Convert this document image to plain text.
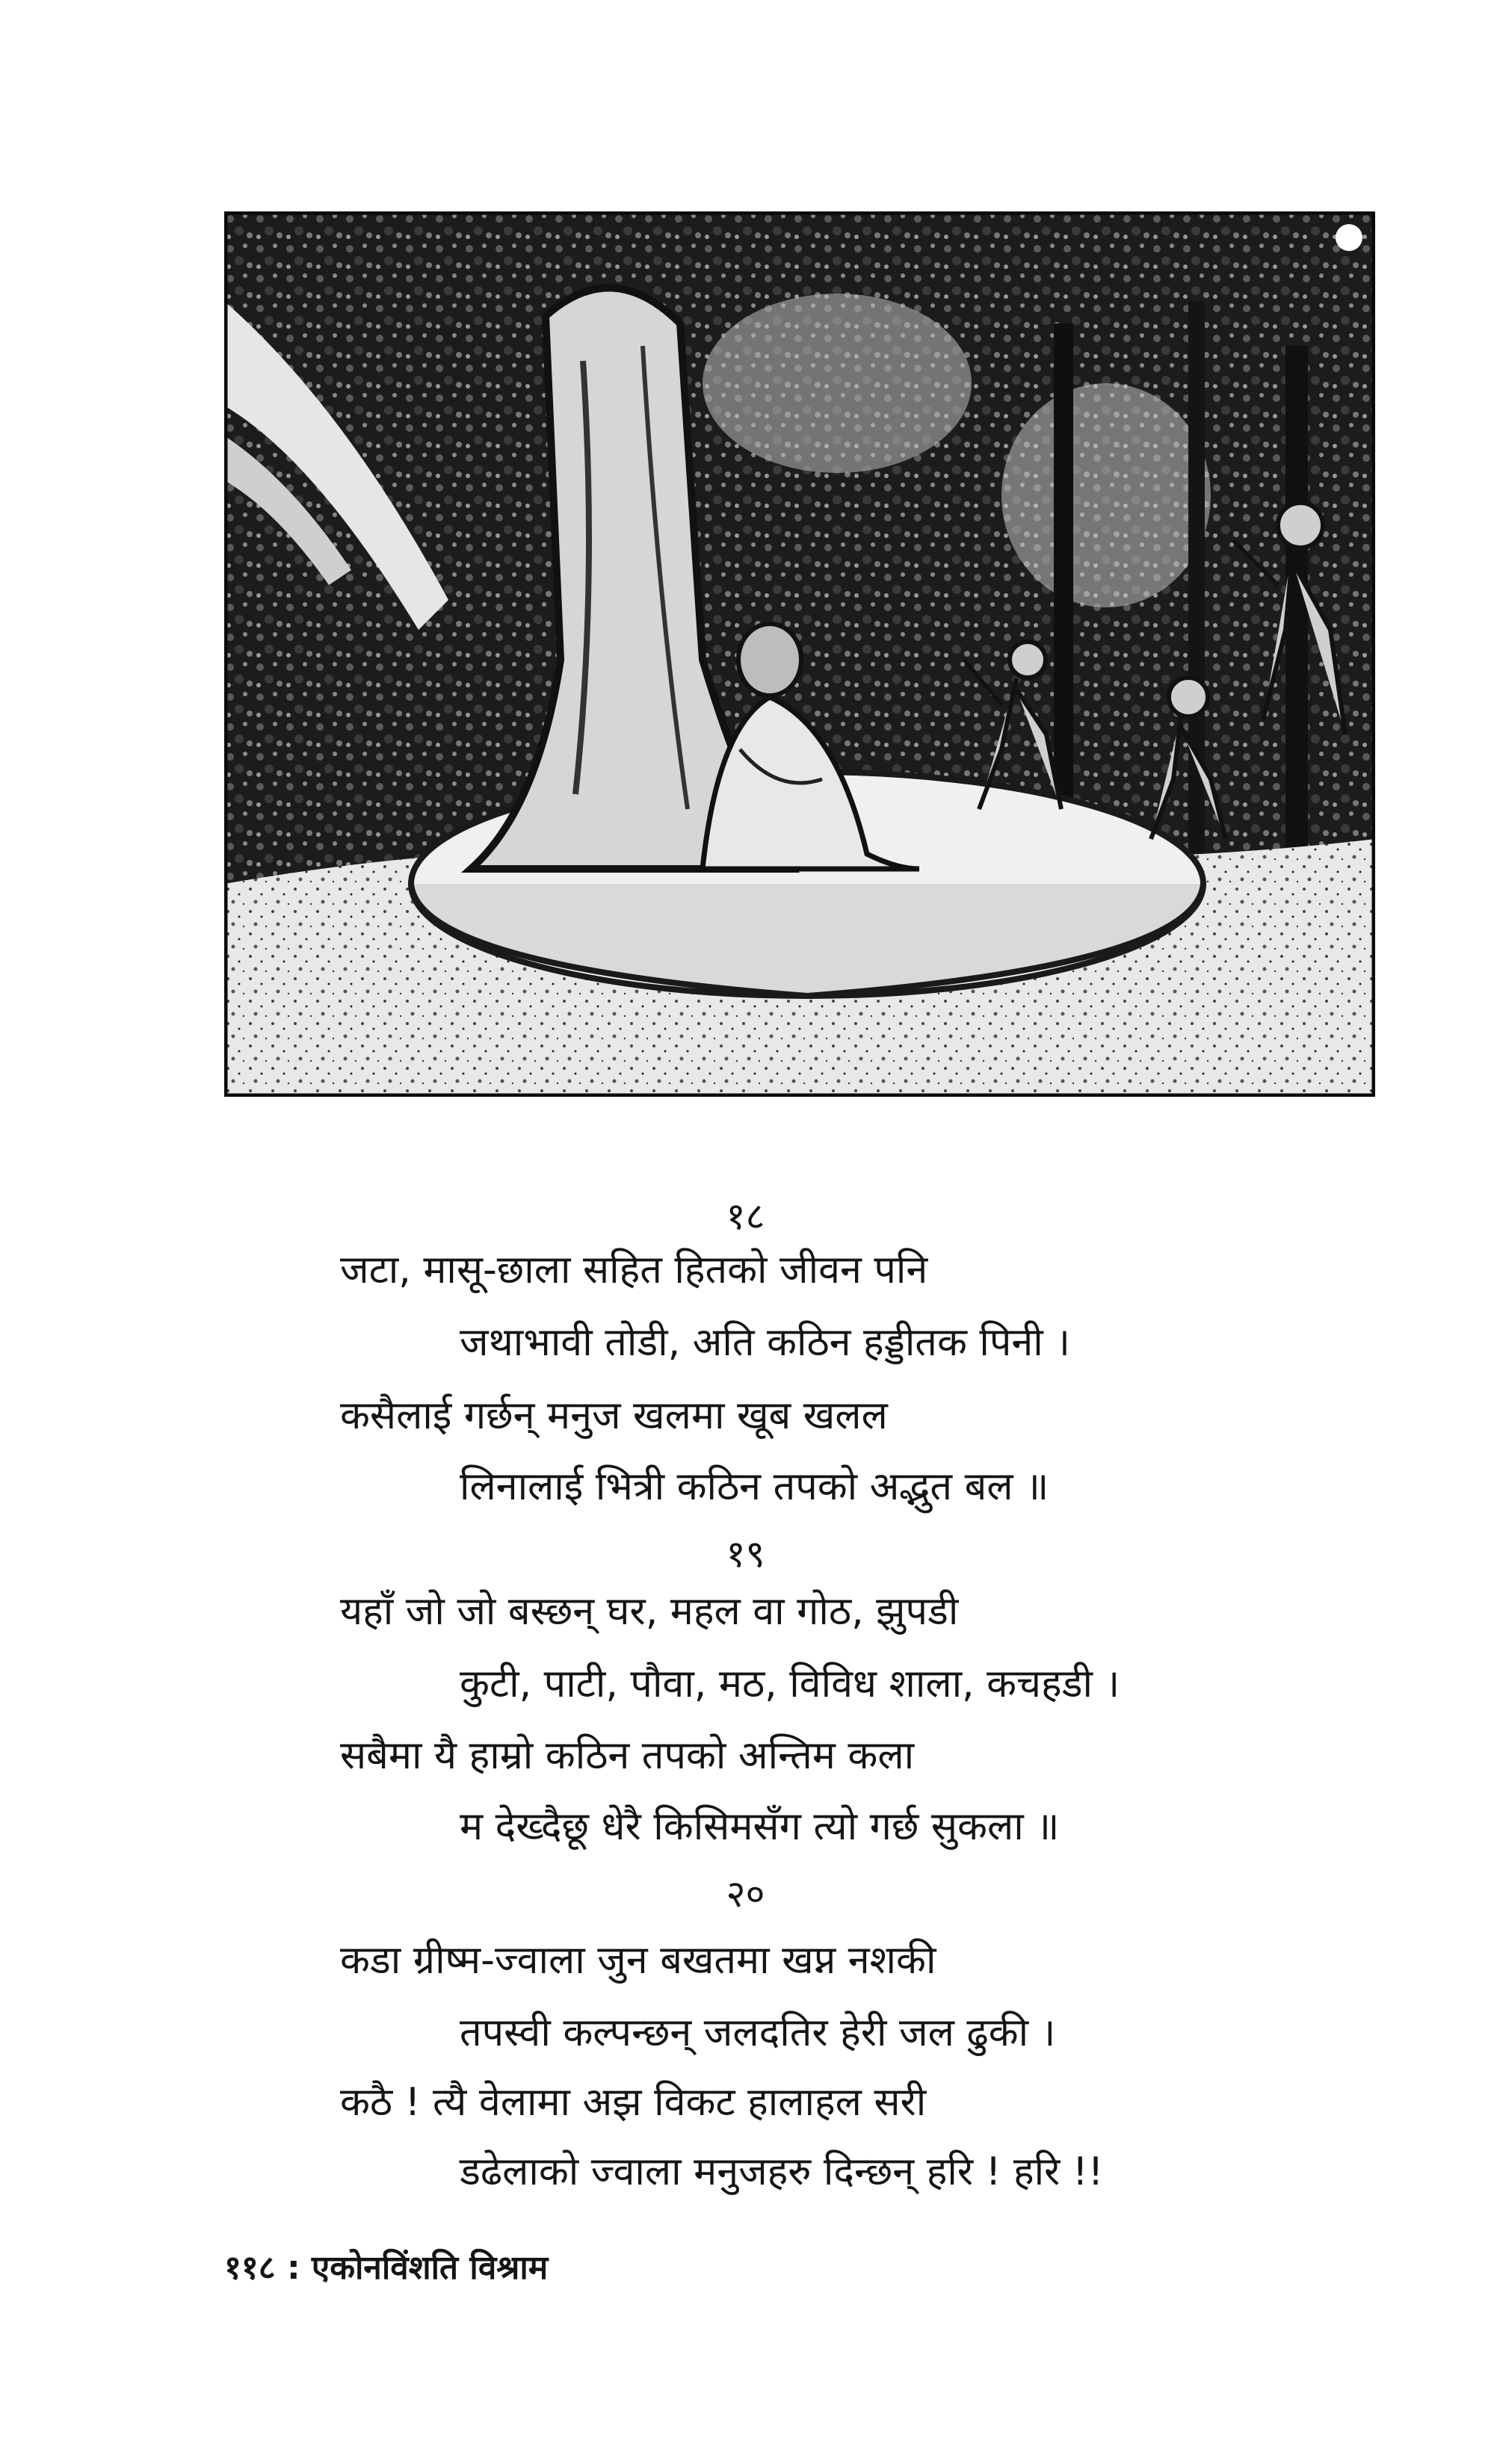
१८
जटा, मासू-छाला सहित हितको जीवन पनि
जथाभावी तोडी, अति कठिन हड्डीतक पिनी ।
कसैलाई गर्छन् मनुज खलमा खूब खलल
लिनालाई भित्री कठिन तपको अद्भुत बल ॥
१९
यहाँ जो जो बस्छन् घर, महल वा गोठ, झुपडी
कुटी, पाटी, पौवा, मठ, विविध शाला, कचहडी ।
सबैमा यै हाम्रो कठिन तपको अन्तिम कला
म देख्दैछू धेरै किसिमसँग त्यो गर्छ सुकला ॥
२०
कडा ग्रीष्म-ज्वाला जुन बखतमा खप्न नशकी
तपस्वी कल्पन्छन् जलदतिर हेरी जल ढुकी ।
कठै ! त्यै वेलामा अझ विकट हालाहल सरी
डढेलाको ज्वाला मनुजहरु दिन्छन् हरि ! हरि !!
११८ : एकोनविंशति विश्राम
